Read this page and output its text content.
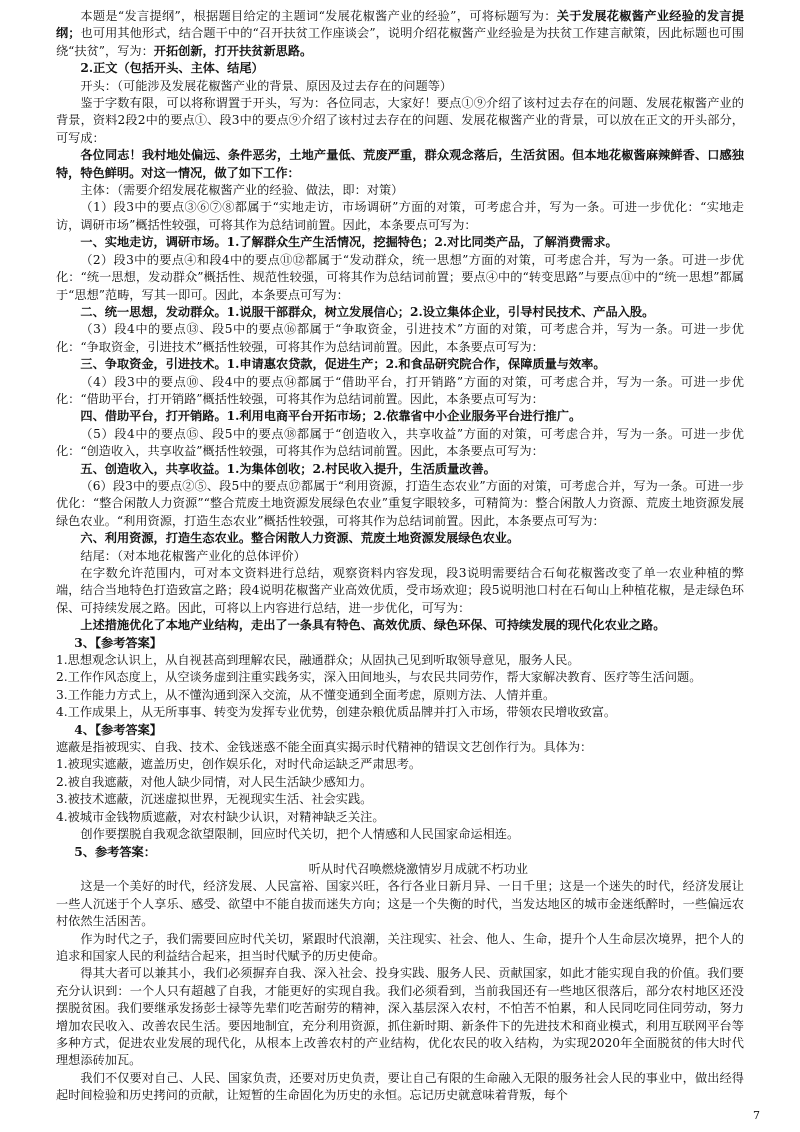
本题是“发言提纲”，根据题目给定的主题词“发展花椒酱产业的经验”，可将标题写为：关于发展花椒酱产业经验的发言提纲；也可用其他形式，结合题干中的“召开扶贫工作座谈会”，说明介绍花椒酱产业经验是为扶贫工作建言献策，因此标题也可围绕“扶贫”，写为：开拓创新，打开扶贫新思路。

2.正文（包括开头、主体、结尾）

开头：（可能涉及发展花椒酱产业的背景、原因及过去存在的问题等）

鉴于字数有限，可以将称谓置于开头，写为：各位同志，大家好！要点①⑨介绍了该村过去存在的问题、发展花椒酱产业的背景，资料2段2中的要点①、段3中的要点⑨介绍了该村过去存在的问题、发展花椒酱产业的背景，可以放在正文的开头部分，可写成：

各位同志！我村地处偏远、条件恶劣，土地产量低、荒废严重，群众观念落后，生活贫困。但本地花椒酱麻辣鲜香、口感独特，特色鲜明。对这一情况，做了如下工作：

主体：（需要介绍发展花椒酱产业的经验、做法，即：对策）

（1）段3中的要点③⑥⑦⑧都属于“实地走访，市场调研”方面的对策，可考虑合并，写为一条。可进一步优化：“实地走访，调研市场”概括性较强，可将其作为总结词前置。因此，本条要点可写为：

一、实地走访，调研市场。1.了解群众生产生活情况，挖掘特色；2.对比同类产品，了解消费需求。

（2）段3中的要点④和段4中的要点⑪⑫都属于“发动群众，统一思想”方面的对策，可考虑合并，写为一条。可进一步优化：“统一思想，发动群众”概括性、规范性较强，可将其作为总结词前置；要点④中的“转变思路”与要点⑪中的“统一思想”都属于“思想”范畴，写其一即可。因此，本条要点可写为：

二、统一思想，发动群众。1.说服干部群众，树立发展信心；2.设立集体企业，引导村民技术、产品入股。

（3）段4中的要点⑬、段5中的要点⑯都属于“争取资金，引进技术”方面的对策，可考虑合并，写为一条。可进一步优化：“争取资金，引进技术”概括性较强，可将其作为总结词前置。因此，本条要点可写为：

三、争取资金，引进技术。1.申请惠农贷款，促进生产；2.和食品研究院合作，保障质量与效率。

（4）段3中的要点⑩、段4中的要点⑭都属于“借助平台，打开销路”方面的对策，可考虑合并，写为一条。可进一步优化：“借助平台，打开销路”概括性较强，可将其作为总结词前置。因此，本条要点可写为：

四、借助平台，打开销路。1.利用电商平台开拓市场；2.依靠省中小企业服务平台进行推广。

（5）段4中的要点⑮、段5中的要点⑱都属于“创造收入，共享收益”方面的对策，可考虑合并，写为一条。可进一步优化：“创造收入，共享收益”概括性较强，可将其作为总结词前置。因此，本条要点可写为：

五、创造收入，共享收益。1.为集体创收；2.村民收入提升，生活质量改善。

（6）段3中的要点②⑤、段5中的要点⑰都属于“利用资源，打造生态农业”方面的对策，可考虑合并，写为一条。可进一步优化：“整合闲散人力资源”“整合荒废土地资源发展绿色农业”重复字眼较多，可精简为：整合闲散人力资源、荒废土地资源发展绿色农业。“利用资源，打造生态农业”概括性较强，可将其作为总结词前置。因此，本条要点可写为：

六、利用资源，打造生态农业。整合闲散人力资源、荒废土地资源发展绿色农业。

结尾：（对本地花椒酱产业化的总体评价）

在字数允许范围内，可对本文资料进行总结，观察资料内容发现，段3说明需要结合石甸花椒酱改变了单一农业种植的弊端，结合当地特色打造致富之路；段4说明花椒酱产业高效优质，受市场欢迎；段5说明池口村在石甸山上种植花椒，是走绿色环保、可持续发展之路。因此，可将以上内容进行总结，进一步优化，可写为：

上述措施优化了本地产业结构，走出了一条具有特色、高效优质、绿色环保、可持续发展的现代化农业之路。

3、【参考答案】

1.思想观念认识上，从自视甚高到理解农民，融通群众；从固执己见到听取领导意见，服务人民。

2.工作作风态度上，从空谈务虚到注重实践务实，深入田间地头，与农民共同劳作，帮大家解决教育、医疗等生活问题。

3.工作能力方式上，从不懂沟通到深入交流，从不懂变通到全面考虑，原则方法、人情并重。

4.工作成果上，从无所事事、转变为发挥专业优势，创建杂粮优质品牌并打入市场，带领农民增收致富。

4、【参考答案】

遮蔽是指被现实、自我、技术、金钱迷惑不能全面真实揭示时代精神的错误文艺创作行为。具体为：

1.被现实遮蔽，遮盖历史，创作娱乐化，对时代命运缺乏严肃思考。

2.被自我遮蔽，对他人缺少同情，对人民生活缺少感知力。

3.被技术遮蔽，沉迷虚拟世界，无视现实生活、社会实践。

4.被城市金钱物质遮蔽，对农村缺少认识，对精神缺乏关注。

创作要摆脱自我观念欲望限制，回应时代关切，把个人情感和人民国家命运相连。

5、参考答案：

听从时代召唤燃烧激情岁月成就不朽功业

这是一个美好的时代，经济发展、人民富裕、国家兴旺，各行各业日新月异、一日千里；这是一个迷失的时代，经济发展让一些人沉迷于个人享乐、感受、欲望中不能自拔而迷失方向；这是一个失衡的时代，当发达地区的城市金迷纸醉时，一些偏远农村依然生活困苦。

作为时代之子，我们需要回应时代关切，紧跟时代浪潮，关注现实、社会、他人、生命，提升个人生命层次境界，把个人的追求和国家人民的利益结合起来，担当时代赋予的历史使命。

得其大者可以兼其小，我们必须摒弃自我、深入社会、投身实践、服务人民、贡献国家，如此才能实现自我的价值。我们要充分认识到：一个人只有超越了自我，才能更好的实现自我。我们必须看到，当前我国还有一些地区很落后，部分农村地区还没摆脱贫困。我们要继承发扬彭士禄等先辈们吃苦耐劳的精神，深入基层深入农村，不怕苦不怕累，和人民同吃同住同劳动，努力增加农民收入、改善农民生活。要因地制宜，充分利用资源，抓住新时期、新条件下的先进技术和商业模式，利用互联网平台等多种方式，促进农业发展的现代化，从根本上改善农村的产业结构，优化农民的收入结构，为实现2020年全面脱贫的伟大时代理想添砖加瓦。

我们不仅要对自己、人民、国家负责，还要对历史负责，要让自己有限的生命融入无限的服务社会人民的事业中，做出经得起时间检验和历史拷问的贡献，让短暂的生命固化为历史的永恒。忘记历史就意味着背叛，每个

7
